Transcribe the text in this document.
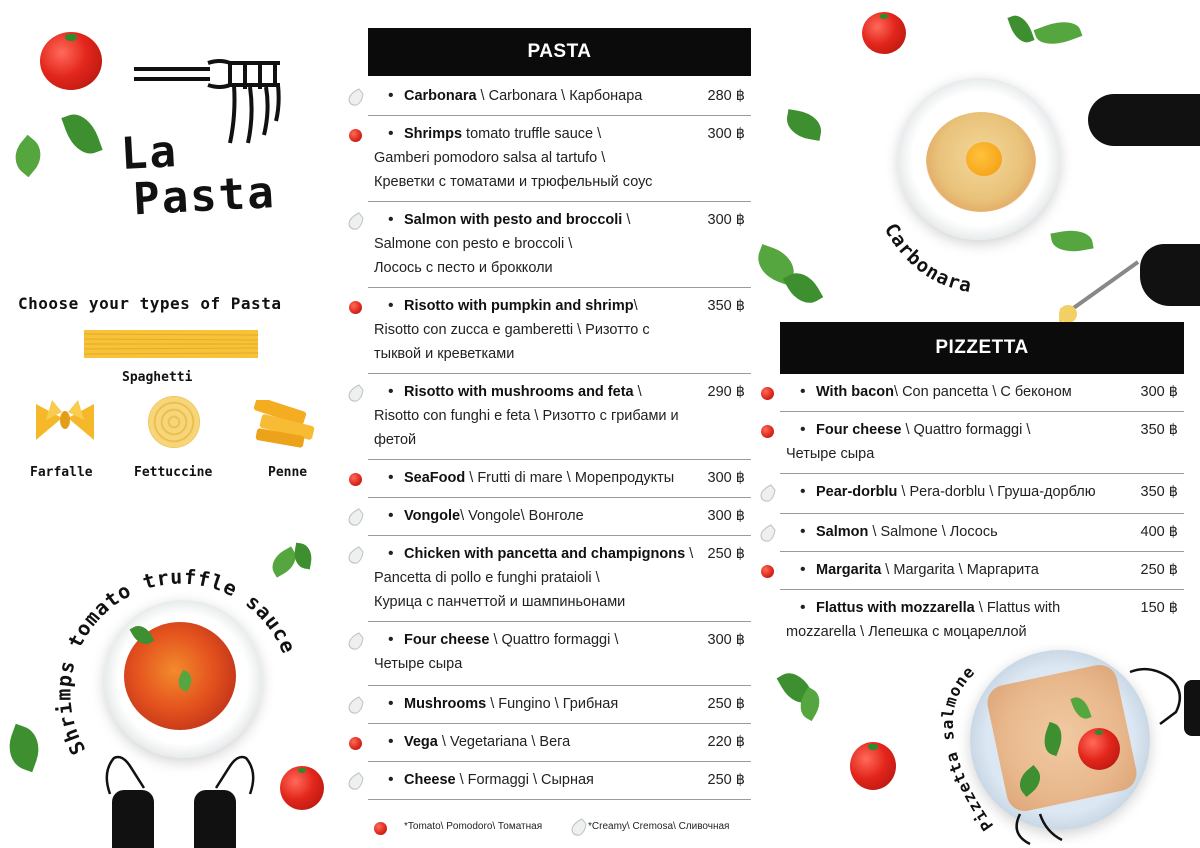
La
Pasta
Choose your types of Pasta
Spaghetti
Farfalle	Fettuccine	Penne
Shrimps tomato truffle sauce
PASTA
• Carbonara \ Carbonara \ Карбонара	280 ฿
• Shrimps tomato truffle sauce \
Gamberi pomodoro salsa al tartufo \
Креветки с томатами и трюфельный соус
300 ฿
• Salmon with pesto and broccoli \
Salmone con pesto e broccoli \
Лосось с песто и брокколи
300 ฿
• Risotto with pumpkin and shrimp\
Risotto con zucca e gamberetti \ Ризотто с
тыквой и креветками
350 ฿
• Risotto with mushrooms and feta \
Risotto con funghi e feta \ Ризотто с грибами и
фетой
290 ฿
• SeaFood \ Frutti di mare \ Морепродукты 300 ฿
• Vongole\ Vongole\ Вонголе	300 ฿
• Chicken with pancetta and champignons \
Pancetta di pollo e funghi prataioli \
Курица с панчеттой и шампиньонами
250 ฿
• Four cheese \ Quattro formaggi \
Четыре сыра
300 ฿
• Mushrooms \ Fungino \ Грибная	250 ฿
• Vega \ Vegetariana \ Вега	220 ฿
• Cheese \ Formaggi \ Сырная	250 ฿
*Tomato\ Pomodoro\ Томатная	*Creamy\ Cremosa\ Сливочная
Carbonara
PIZZETTA
• With bacon\ Con pancetta \ С беконом	300 ฿
• Four cheese \ Quattro formaggi \
Четыре сыра
350 ฿
• Pear-dorblu \ Pera-dorblu \ Груша-дорблю	350 ฿
• Salmon \ Salmone \ Лосось	400 ฿
• Margarita \ Margarita \ Маргарита	250 ฿
• Flattus with mozzarella \ Flattus with
mozzarella \ Лепешка с моцареллой
150 ฿
Pizzetta salmone
